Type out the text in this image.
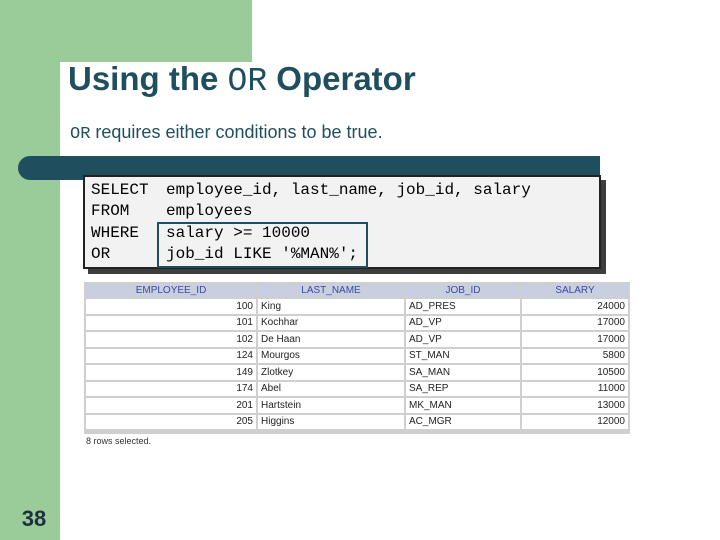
Using the OR Operator
OR requires either conditions to be true.
SELECT employee_id, last_name, job_id, salary
FROM employees
WHERE salary >= 10000
OR	job_id LIKE '%MAN%';
EMPLOYEE_ID	LAST_NAME	JOB_ID	SALARY
100	King	AD_PRES	24000
101	Kochhar	AD_VP	17000
102	De Haan	AD_VP	17000
124	Mourgos	ST_MAN	5800
149	Zlotkey	SA_MAN	10500
174	Abel	SA_REP	11000
201	Hartstein	MK_MAN	13000
205	Higgins	AC_MGR	12000
8 rows selected.
38
